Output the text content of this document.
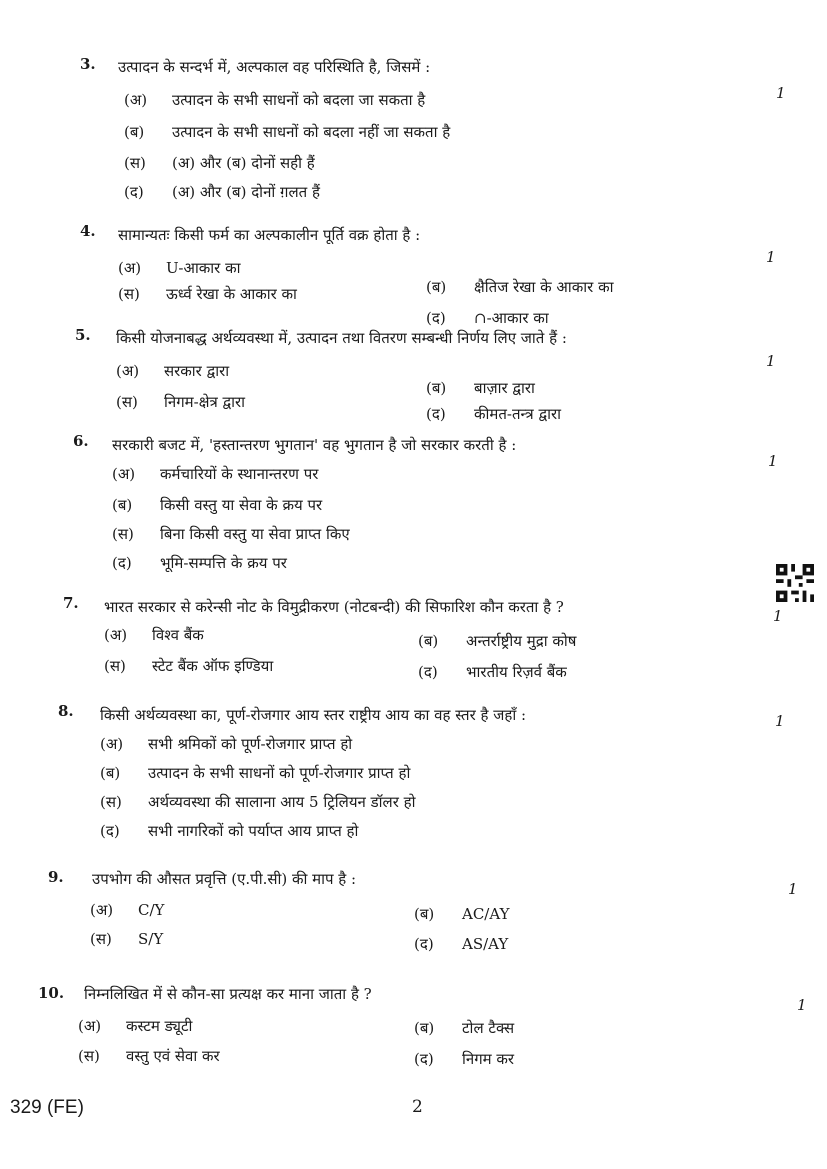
3. उत्पादन के सन्दर्भ में, अल्पकाल वह परिस्थिति है, जिसमें :
1
(अ) उत्पादन के सभी साधनों को बदला जा सकता है
(ब) उत्पादन के सभी साधनों को बदला नहीं जा सकता है
(स) (अ) और (ब) दोनों सही हैं
(द) (अ) और (ब) दोनों ग़लत हैं
4. सामान्यतः किसी फर्म का अल्पकालीन पूर्ति वक्र होता है :
1
(अ) U-आकार का
(ब) क्षैतिज रेखा के आकार का
(स) ऊर्ध्व रेखा के आकार का
(द) ∩-आकार का
5. किसी योजनाबद्ध अर्थव्यवस्था में, उत्पादन तथा वितरण सम्बन्धी निर्णय लिए जाते हैं :
1
(अ) सरकार द्वारा
(ब) बाज़ार द्वारा
(स) निगम-क्षेत्र द्वारा
(द) कीमत-तन्त्र द्वारा
6. सरकारी बजट में, 'हस्तान्तरण भुगतान' वह भुगतान है जो सरकार करती है :
1
(अ) कर्मचारियों के स्थानान्तरण पर
(ब) किसी वस्तु या सेवा के क्रय पर
(स) बिना किसी वस्तु या सेवा प्राप्त किए
(द) भूमि-सम्पत्ति के क्रय पर
7. भारत सरकार से करेन्सी नोट के विमुद्रीकरण (नोटबन्दी) की सिफारिश कौन करता है ?	1
(अ) विश्व बैंक	(ब) अन्तर्राष्ट्रीय मुद्रा कोष
(स) स्टेट बैंक ऑफ इण्डिया	(द) भारतीय रिज़र्व बैंक
8. किसी अर्थव्यवस्था का, पूर्ण-रोजगार आय स्तर राष्ट्रीय आय का वह स्तर है जहाँ :	1
(अ) सभी श्रमिकों को पूर्ण-रोजगार प्राप्त हो
(ब) उत्पादन के सभी साधनों को पूर्ण-रोजगार प्राप्त हो
(स) अर्थव्यवस्था की सालाना आय 5 ट्रिलियन डॉलर हो
(द) सभी नागरिकों को पर्याप्त आय प्राप्त हो
9. उपभोग की औसत प्रवृत्ति (ए.पी.सी) की माप है :
1
(अ) C/Y	(ब) AC/AY
(स) S/Y	(द) AS/AY
10. निम्नलिखित में से कौन-सा प्रत्यक्ष कर माना जाता है ?
1
(अ) कस्टम ड्यूटी	(ब) टोल टैक्स
(स) वस्तु एवं सेवा कर	(द) निगम कर
329 (FE)	2
